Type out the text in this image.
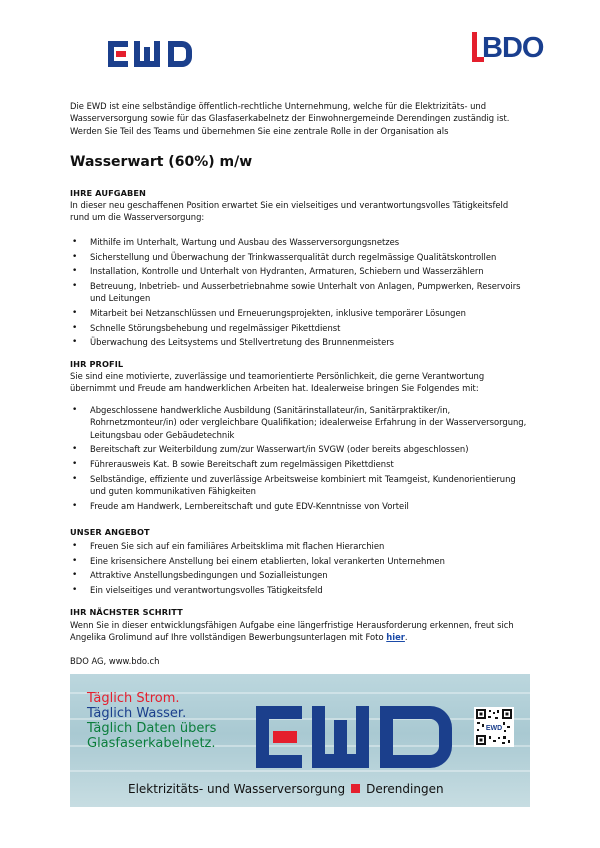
BDO
Die EWD ist eine selbständige öffentlich-rechtliche Unternehmung, welche für die Elektrizitäts- und Wasserversorgung sowie für das Glasfaserkabelnetz der Einwohnergemeinde Derendingen zuständig ist. Werden Sie Teil des Teams und übernehmen Sie eine zentrale Rolle in der Organisation als
Wasserwart (60%) m/w
IHRE AUFGABEN
In dieser neu geschaffenen Position erwartet Sie ein vielseitiges und verantwortungsvolles Tätigkeitsfeld rund um die Wasserversorgung:
• Mithilfe im Unterhalt, Wartung und Ausbau des Wasserversorgungsnetzes
• Sicherstellung und Überwachung der Trinkwasserqualität durch regelmässige Qualitätskontrollen
• Installation, Kontrolle und Unterhalt von Hydranten, Armaturen, Schiebern und Wasserzählern
• Betreuung, Inbetrieb- und Ausserbetriebnahme sowie Unterhalt von Anlagen, Pumpwerken, Reservoirs und Leitungen
• Mitarbeit bei Netzanschlüssen und Erneuerungsprojekten, inklusive temporärer Lösungen
• Schnelle Störungsbehebung und regelmässiger Pikettdienst
• Überwachung des Leitsystems und Stellvertretung des Brunnenmeisters
IHR PROFIL
Sie sind eine motivierte, zuverlässige und teamorientierte Persönlichkeit, die gerne Verantwortung übernimmt und Freude am handwerklichen Arbeiten hat. Idealerweise bringen Sie Folgendes mit:
• Abgeschlossene handwerkliche Ausbildung (Sanitärinstallateur/in, Sanitärpraktiker/in, Rohrnetzmonteur/in) oder vergleichbare Qualifikation; idealerweise Erfahrung in der Wasserversorgung, Leitungsbau oder Gebäudetechnik
• Bereitschaft zur Weiterbildung zum/zur Wasserwart/in SVGW (oder bereits abgeschlossen)
• Führerausweis Kat. B sowie Bereitschaft zum regelmässigen Pikettdienst
• Selbständige, effiziente und zuverlässige Arbeitsweise kombiniert mit Teamgeist, Kundenorientierung und guten kommunikativen Fähigkeiten
• Freude am Handwerk, Lernbereitschaft und gute EDV-Kenntnisse von Vorteil
UNSER ANGEBOT
• Freuen Sie sich auf ein familiäres Arbeitsklima mit flachen Hierarchien
• Eine krisensichere Anstellung bei einem etablierten, lokal verankerten Unternehmen
• Attraktive Anstellungsbedingungen und Sozialleistungen
• Ein vielseitiges und verantwortungsvolles Tätigkeitsfeld
IHR NÄCHSTER SCHRITT
Wenn Sie in dieser entwicklungsfähigen Aufgabe eine längerfristige Herausforderung erkennen, freut sich Angelika Grolimund auf Ihre vollständigen Bewerbungsunterlagen mit Foto hier.
BDO AG, www.bdo.ch
Täglich Strom.
Täglich Wasser.
Täglich Daten übers
Glasfaserkabelnetz.
EWD
Elektrizitäts- und Wasserversorgung Derendingen
